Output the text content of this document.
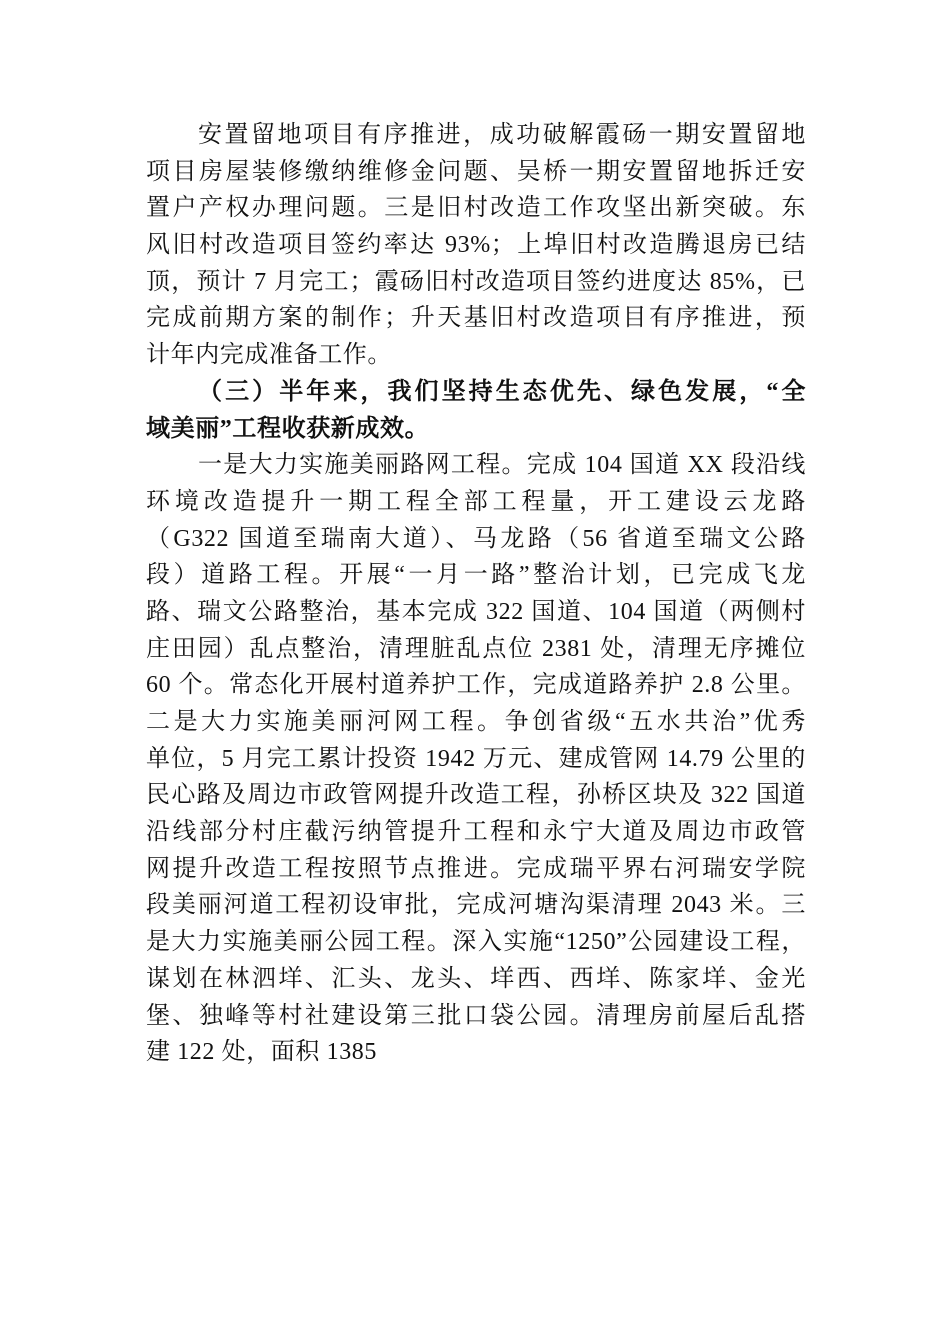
安置留地项目有序推进，成功破解霞砀一期安置留地
项目房屋装修缴纳维修金问题、吴桥一期安置留地拆迁安
置户产权办理问题。三是旧村改造工作攻坚出新突破。东
风旧村改造项目签约率达 93%；上埠旧村改造腾退房已结
顶，预计 7 月完工；霞砀旧村改造项目签约进度达 85%，已
完成前期方案的制作；升天基旧村改造项目有序推进，预
计年内完成准备工作。
（三）半年来，我们坚持生态优先、绿色发展，“全
域美丽”工程收获新成效。
一是大力实施美丽路网工程。完成 104 国道 XX 段沿线
环境改造提升一期工程全部工程量，开工建设云龙路
（G322 国道至瑞南大道）、马龙路（56 省道至瑞文公路
段）道路工程。开展“一月一路”整治计划，已完成飞龙
路、瑞文公路整治，基本完成 322 国道、104 国道（两侧村
庄田园）乱点整治，清理脏乱点位 2381 处，清理无序摊位
60 个。常态化开展村道养护工作，完成道路养护 2.8 公里。
二是大力实施美丽河网工程。争创省级“五水共治”优秀
单位，5 月完工累计投资 1942 万元、建成管网 14.79 公里的
民心路及周边市政管网提升改造工程，孙桥区块及 322 国道
沿线部分村庄截污纳管提升工程和永宁大道及周边市政管
网提升改造工程按照节点推进。完成瑞平界右河瑞安学院
段美丽河道工程初设审批，完成河塘沟渠清理 2043 米。三
是大力实施美丽公园工程。深入实施“1250”公园建设工程，
谋划在林泗垟、汇头、龙头、垟西、西垟、陈家垟、金光
堡、独峰等村社建设第三批口袋公园。清理房前屋后乱搭
建 122 处，面积 1385
